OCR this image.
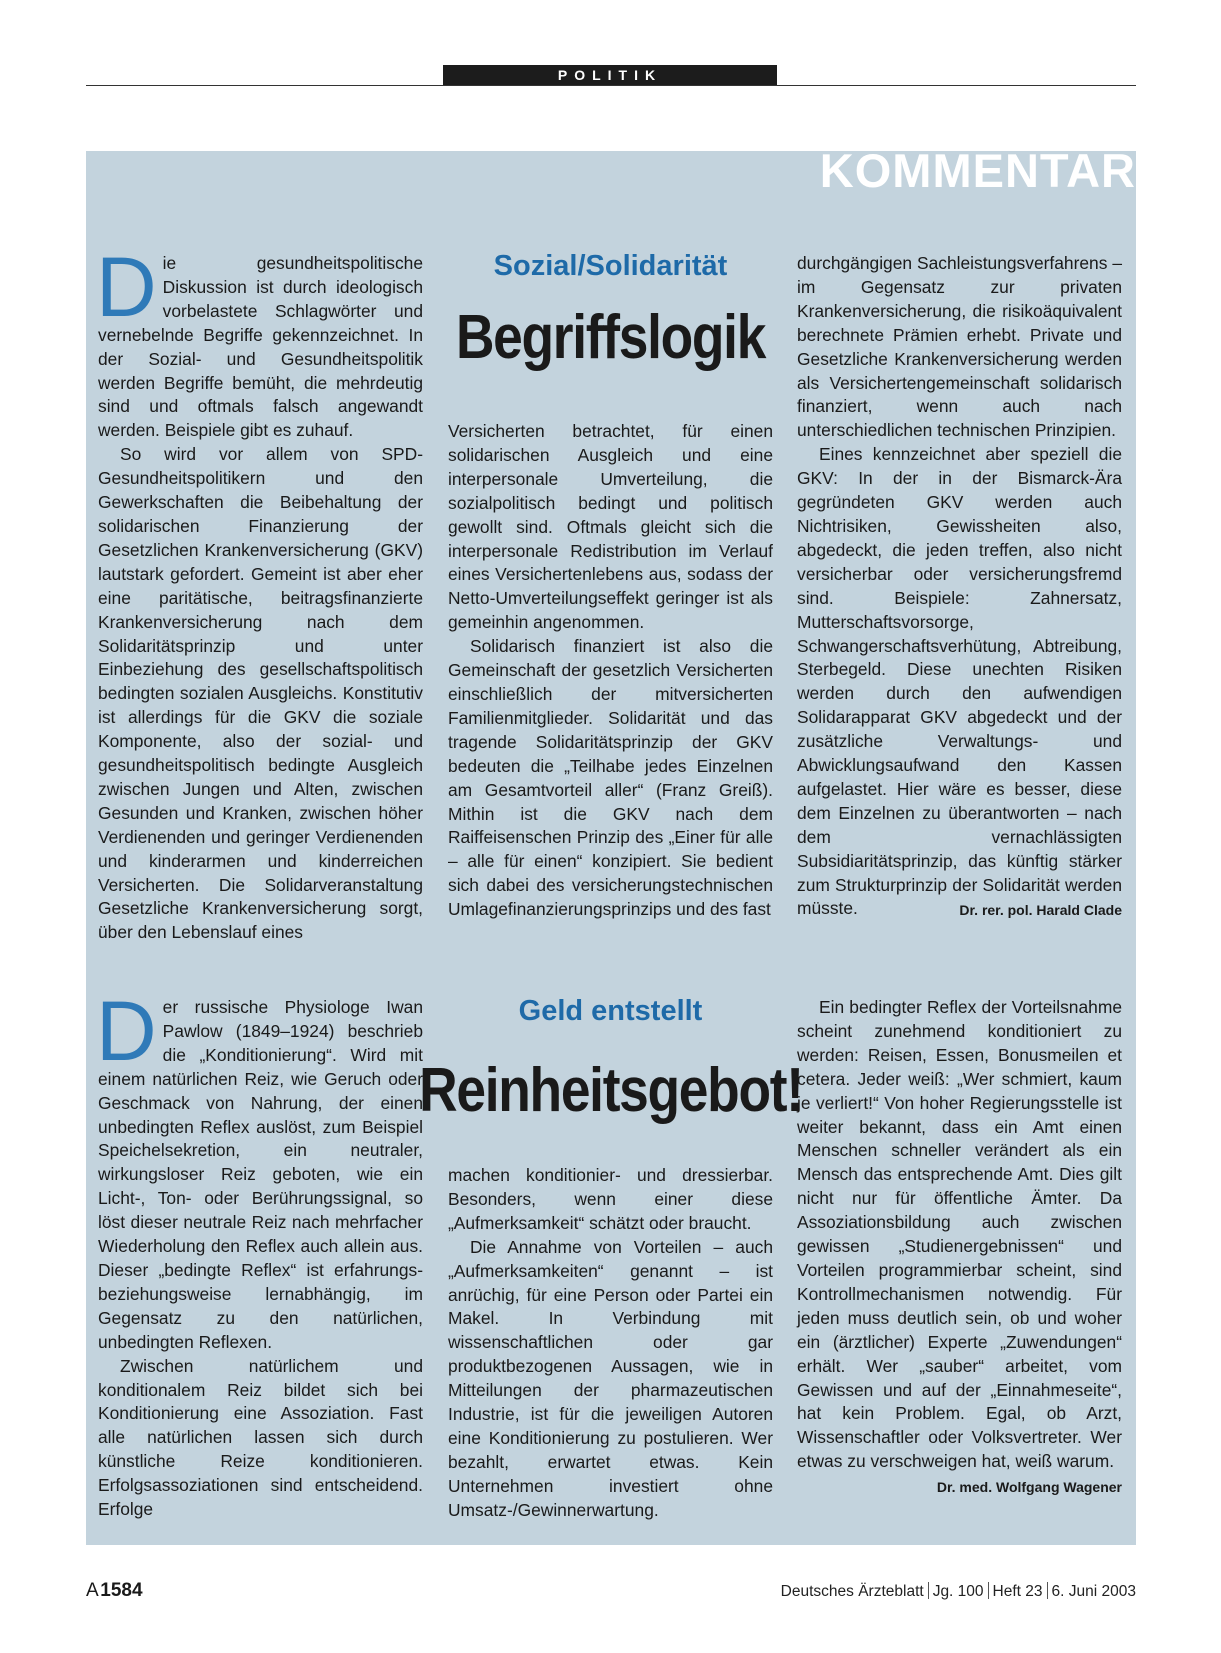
POLITIK
KOMMENTAR

Die gesundheitspolitische Diskussion ist durch ideologisch vorbelastete Schlagwörter und vernebelnde Begriffe gekennzeichnet. In der Sozial- und Gesundheitspolitik werden Begriffe bemüht, die mehrdeutig sind und oftmals falsch angewandt werden. Beispiele gibt es zuhauf.

So wird vor allem von SPD-Gesundheitspolitikern und den Gewerkschaften die Beibehaltung der solidarischen Finanzierung der Gesetzlichen Krankenversicherung (GKV) lautstark gefordert. Gemeint ist aber eher eine paritätische, beitragsfinanzierte Krankenversicherung nach dem Solidaritätsprinzip und unter Einbeziehung des gesellschaftspolitisch bedingten sozialen Ausgleichs. Konstitutiv ist allerdings für die GKV die soziale Komponente, also der sozial- und gesundheitspolitisch bedingte Ausgleich zwischen Jungen und Alten, zwischen Gesunden und Kranken, zwischen höher Verdienenden und geringer Verdienenden und kinderarmen und kinderreichen Versicherten. Die Solidarveranstaltung Gesetzliche Krankenversicherung sorgt, über den Lebenslauf eines

Sozial/Solidarität
Begriffslogik

Versicherten betrachtet, für einen solidarischen Ausgleich und eine interpersonale Umverteilung, die sozialpolitisch bedingt und politisch gewollt sind. Oftmals gleicht sich die interpersonale Redistribution im Verlauf eines Versichertenlebens aus, sodass der Netto-Umverteilungseffekt geringer ist als gemeinhin angenommen.

Solidarisch finanziert ist also die Gemeinschaft der gesetzlich Versicherten einschließlich der mitversicherten Familienmitglieder. Solidarität und das tragende Solidaritätsprinzip der GKV bedeuten die „Teilhabe jedes Einzelnen am Gesamtvorteil aller“ (Franz Greiß). Mithin ist die GKV nach dem Raiffeisenschen Prinzip des „Einer für alle – alle für einen“ konzipiert. Sie bedient sich dabei des versicherungstechnischen Umlagefinanzierungsprinzips und des fast

durchgängigen Sachleistungsverfahrens – im Gegensatz zur privaten Krankenversicherung, die risikoäquivalent berechnete Prämien erhebt. Private und Gesetzliche Krankenversicherung werden als Versichertengemeinschaft solidarisch finanziert, wenn auch nach unterschiedlichen technischen Prinzipien.

Eines kennzeichnet aber speziell die GKV: In der in der Bismarck-Ära gegründeten GKV werden auch Nichtrisiken, Gewissheiten also, abgedeckt, die jeden treffen, also nicht versicherbar oder versicherungsfremd sind. Beispiele: Zahnersatz, Mutterschaftsvorsorge, Schwangerschaftsverhütung, Abtreibung, Sterbegeld. Diese unechten Risiken werden durch den aufwendigen Solidarapparat GKV abgedeckt und der zusätzliche Verwaltungs- und Abwicklungsaufwand den Kassen aufgelastet. Hier wäre es besser, diese dem Einzelnen zu überantworten – nach dem vernachlässigten Subsidiaritätsprinzip, das künftig stärker zum Strukturprinzip der Solidarität werden müsste.	Dr. rer. pol. Harald Clade

Der russische Physiologe Iwan Pawlow (1849–1924) beschrieb die „Konditionierung“. Wird mit einem natürlichen Reiz, wie Geruch oder Geschmack von Nahrung, der einen unbedingten Reflex auslöst, zum Beispiel Speichelsekretion, ein neutraler, wirkungsloser Reiz geboten, wie ein Licht-, Ton- oder Berührungssignal, so löst dieser neutrale Reiz nach mehrfacher Wiederholung den Reflex auch allein aus. Dieser „bedingte Reflex“ ist erfahrungs- beziehungsweise lernabhängig, im Gegensatz zu den natürlichen, unbedingten Reflexen.

Zwischen natürlichem und konditionalem Reiz bildet sich bei Konditionierung eine Assoziation. Fast alle natürlichen lassen sich durch künstliche Reize konditionieren. Erfolgsassoziationen sind entscheidend. Erfolge

Geld entstellt
Reinheitsgebot!

machen konditionier- und dressierbar. Besonders, wenn einer diese „Aufmerksamkeit“ schätzt oder braucht.

Die Annahme von Vorteilen – auch „Aufmerksamkeiten“ genannt – ist anrüchig, für eine Person oder Partei ein Makel. In Verbindung mit wissenschaftlichen oder gar produktbezogenen Aussagen, wie in Mitteilungen der pharmazeutischen Industrie, ist für die jeweiligen Autoren eine Konditionierung zu postulieren. Wer bezahlt, erwartet etwas. Kein Unternehmen investiert ohne Umsatz-/Gewinnerwartung.

Ein bedingter Reflex der Vorteilsnahme scheint zunehmend konditioniert zu werden: Reisen, Essen, Bonusmeilen et cetera. Jeder weiß: „Wer schmiert, kaum je verliert!“ Von hoher Regierungsstelle ist weiter bekannt, dass ein Amt einen Menschen schneller verändert als ein Mensch das entsprechende Amt. Dies gilt nicht nur für öffentliche Ämter. Da Assoziationsbildung auch zwischen gewissen „Studienergebnissen“ und Vorteilen programmierbar scheint, sind Kontrollmechanismen notwendig. Für jeden muss deutlich sein, ob und woher ein (ärztlicher) Experte „Zuwendungen“ erhält. Wer „sauber“ arbeitet, vom Gewissen und auf der „Einnahmeseite“, hat kein Problem. Egal, ob Arzt, Wissenschaftler oder Volksvertreter. Wer etwas zu verschweigen hat, weiß warum.
Dr. med. Wolfgang Wagener

A 1584	Deutsches Ärzteblatt Jg. 100 Heft 23 6. Juni 2003
